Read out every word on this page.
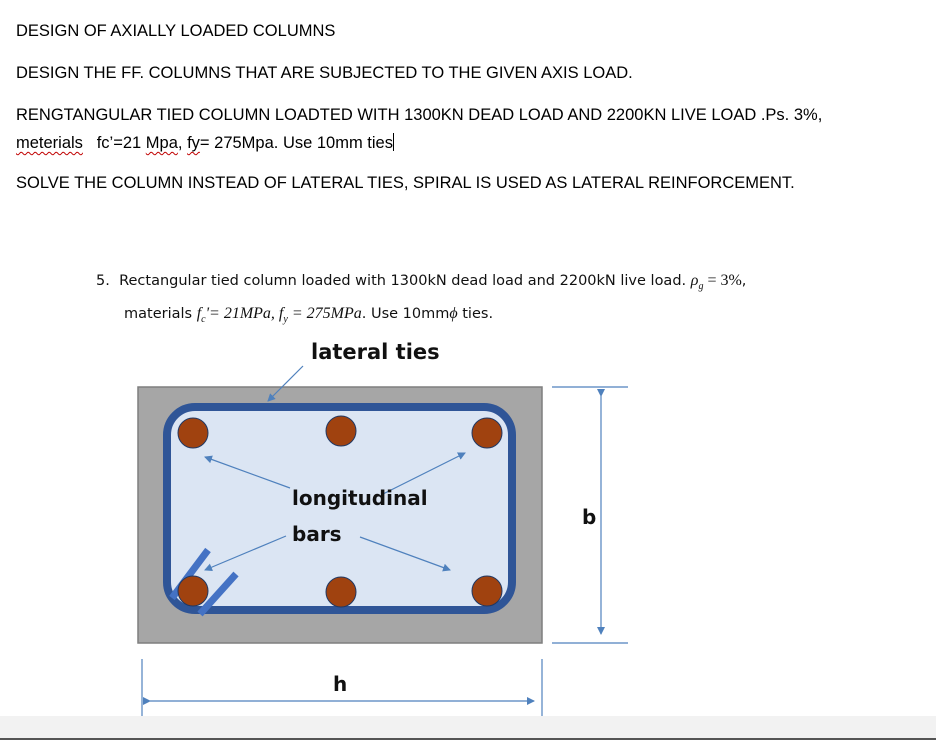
DESIGN OF AXIALLY LOADED COLUMNS
DESIGN THE FF. COLUMNS THAT ARE SUBJECTED TO THE GIVEN AXIS LOAD.
RENGTANGULAR TIED COLUMN LOADTED WITH 1300KN DEAD LOAD AND 2200KN LIVE LOAD .Ps. 3%,
meterials fc’=21 Mpa, fy= 275Mpa. Use 10mm ties
SOLVE THE COLUMN INSTEAD OF LATERAL TIES, SPIRAL IS USED AS LATERAL REINFORCEMENT.
5. Rectangular tied column loaded with 1300kN dead load and 2200kN live load. $\rho_g = 3\%$,
materials $f_c'= 21MPa$, $f_y = 275MPa$. Use 10mmϕ ties.
lateral ties
longitudinal
bars
b
h
